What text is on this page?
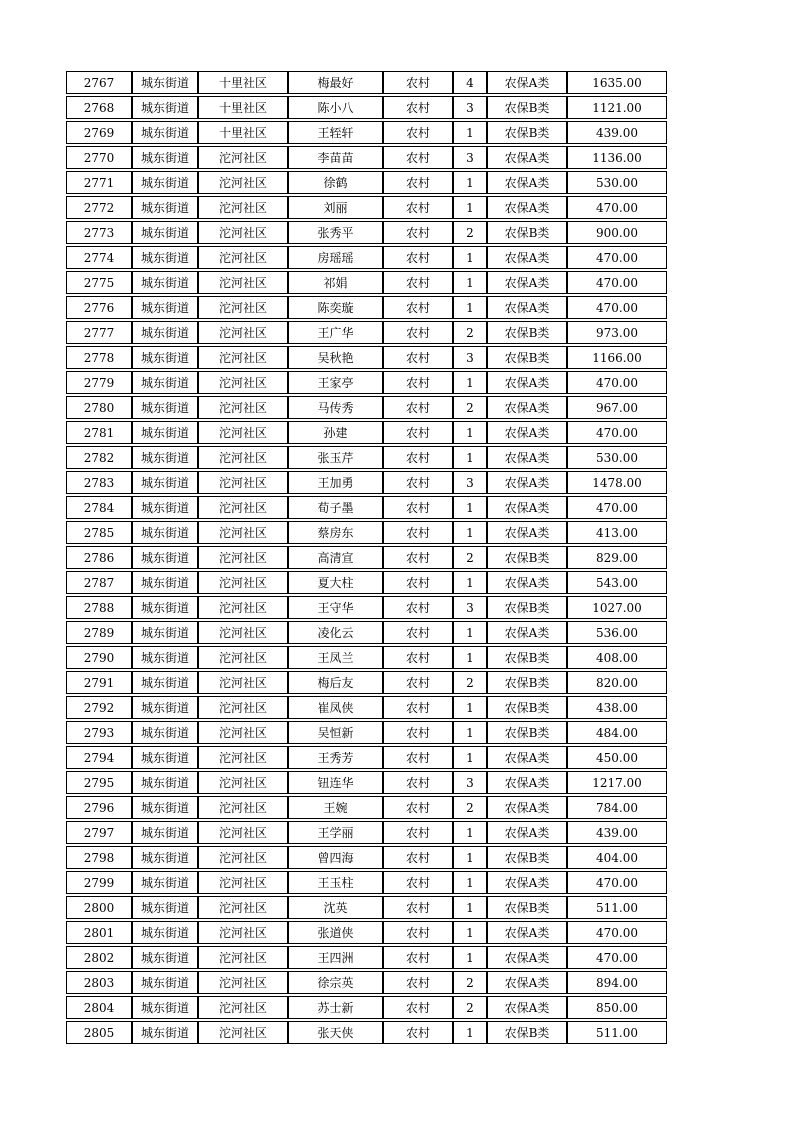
2767	城东街道	十里社区	梅最好	农村	4	农保A类	1635.00
2768	城东街道	十里社区	陈小八	农村	3	农保B类	1121.00
2769	城东街道	十里社区	王轾轩	农村	1	农保B类	439.00
2770	城东街道	沱河社区	李苗苗	农村	3	农保A类	1136.00
2771	城东街道	沱河社区	徐鹤	农村	1	农保A类	530.00
2772	城东街道	沱河社区	刘丽	农村	1	农保A类	470.00
2773	城东街道	沱河社区	张秀平	农村	2	农保B类	900.00
2774	城东街道	沱河社区	房瑶瑶	农村	1	农保A类	470.00
2775	城东街道	沱河社区	祁娟	农村	1	农保A类	470.00
2776	城东街道	沱河社区	陈奕璇	农村	1	农保A类	470.00
2777	城东街道	沱河社区	王广华	农村	2	农保B类	973.00
2778	城东街道	沱河社区	吴秋艳	农村	3	农保B类	1166.00
2779	城东街道	沱河社区	王家亭	农村	1	农保A类	470.00
2780	城东街道	沱河社区	马传秀	农村	2	农保A类	967.00
2781	城东街道	沱河社区	孙建	农村	1	农保A类	470.00
2782	城东街道	沱河社区	张玉芹	农村	1	农保A类	530.00
2783	城东街道	沱河社区	王加勇	农村	3	农保A类	1478.00
2784	城东街道	沱河社区	荀子墨	农村	1	农保A类	470.00
2785	城东街道	沱河社区	蔡房东	农村	1	农保A类	413.00
2786	城东街道	沱河社区	高清宣	农村	2	农保B类	829.00
2787	城东街道	沱河社区	夏大柱	农村	1	农保A类	543.00
2788	城东街道	沱河社区	王守华	农村	3	农保B类	1027.00
2789	城东街道	沱河社区	凌化云	农村	1	农保A类	536.00
2790	城东街道	沱河社区	王凤兰	农村	1	农保B类	408.00
2791	城东街道	沱河社区	梅后友	农村	2	农保B类	820.00
2792	城东街道	沱河社区	崔凤侠	农村	1	农保B类	438.00
2793	城东街道	沱河社区	吴恒新	农村	1	农保B类	484.00
2794	城东街道	沱河社区	王秀芳	农村	1	农保A类	450.00
2795	城东街道	沱河社区	钮连华	农村	3	农保A类	1217.00
2796	城东街道	沱河社区	王婉	农村	2	农保A类	784.00
2797	城东街道	沱河社区	王学丽	农村	1	农保A类	439.00
2798	城东街道	沱河社区	曾四海	农村	1	农保B类	404.00
2799	城东街道	沱河社区	王玉柱	农村	1	农保A类	470.00
2800	城东街道	沱河社区	沈英	农村	1	农保B类	511.00
2801	城东街道	沱河社区	张道侠	农村	1	农保A类	470.00
2802	城东街道	沱河社区	王四洲	农村	1	农保A类	470.00
2803	城东街道	沱河社区	徐宗英	农村	2	农保A类	894.00
2804	城东街道	沱河社区	苏士新	农村	2	农保A类	850.00
2805	城东街道	沱河社区	张天侠	农村	1	农保B类	511.00
